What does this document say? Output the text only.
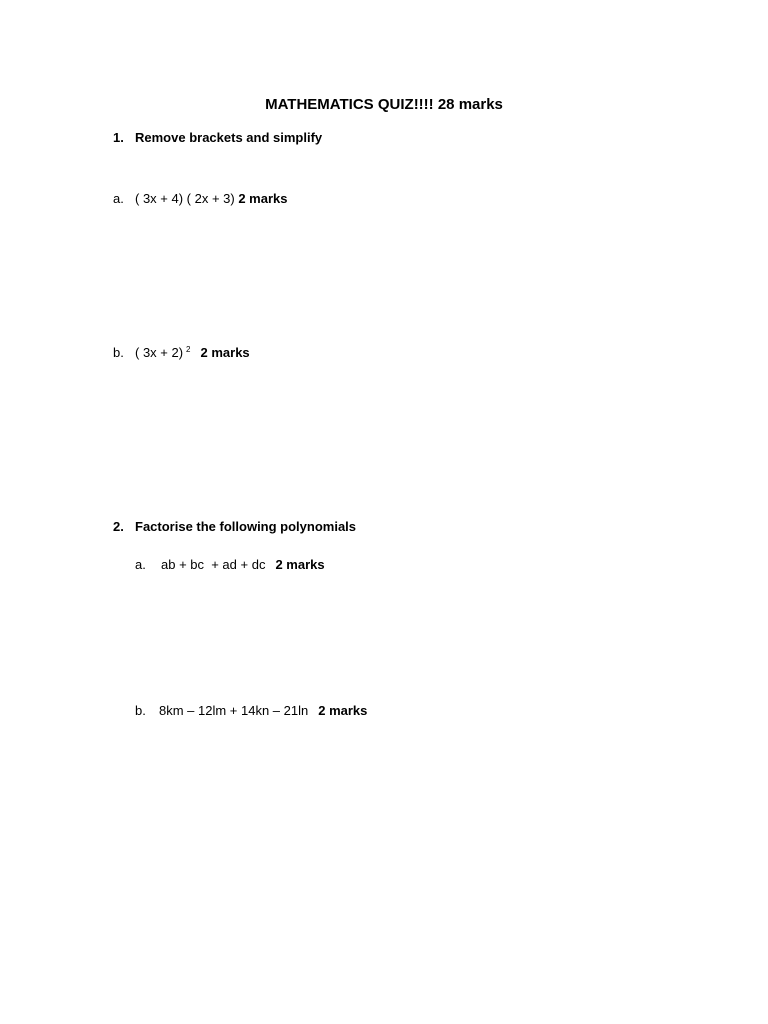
MATHEMATICS QUIZ!!!! 28 marks
1. Remove brackets and simplify
a. ( 3x + 4) ( 2x + 3) 2 marks
b. ( 3x + 2) $^2$ 2 marks
2. Factorise the following polynomials
a. ab + bc  + ad + dc 2 marks
b. 8km – 12lm + 14kn – 21ln 2 marks
